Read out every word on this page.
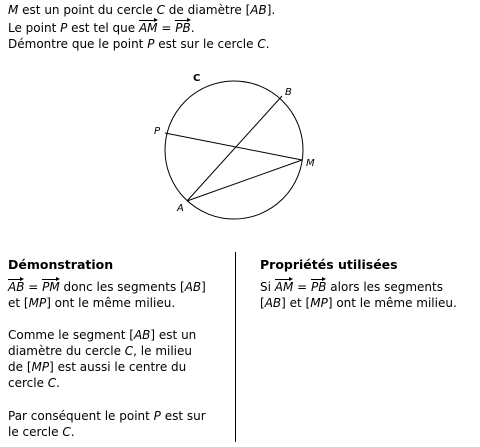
M est un point du cercle C de diamètre [AB].
Le point P est tel que
AM =
PB.
Démontre que le point P est sur le cercle C.
C
B
P
M
A
Démonstration
AB =
PM donc les segments [AB]
et [MP] ont le même milieu.
Comme le segment [AB] est un
diamètre du cercle C, le milieu
de [MP] est aussi le centre du
cercle C.
Par conséquent le point P est sur
le cercle C.
Propriétés utilisées
Si
AM =
PB alors les segments
[AB] et [MP] ont le même milieu.
